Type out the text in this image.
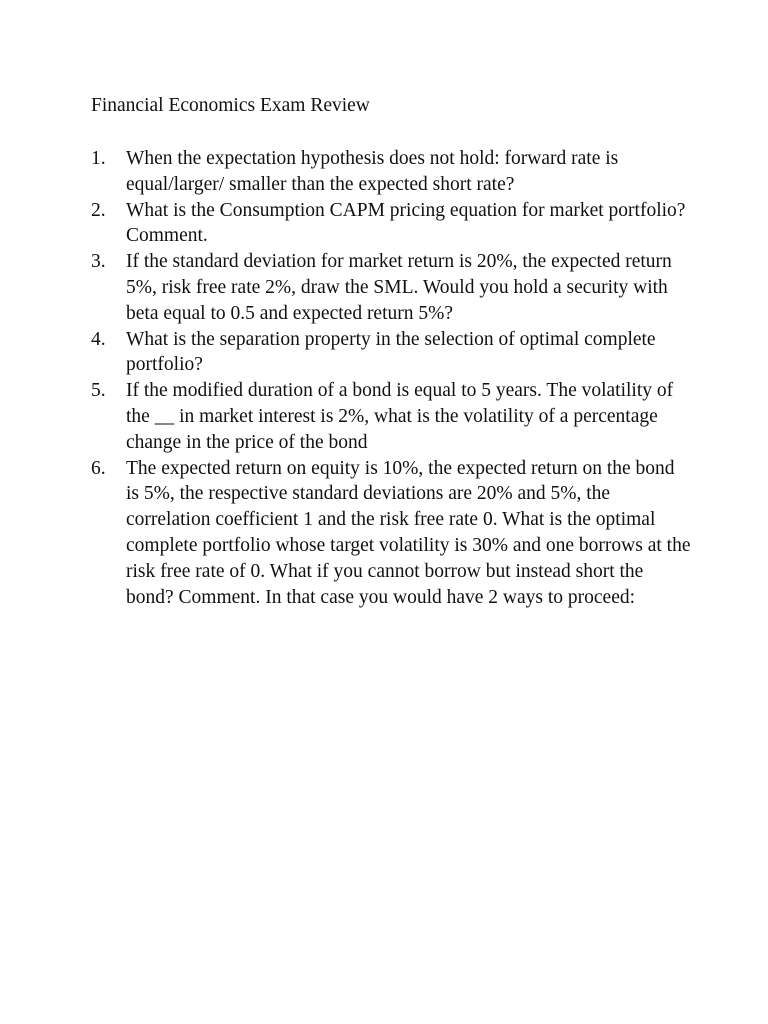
Financial Economics Exam Review
1.	When the expectation hypothesis does not hold: forward rate is equal/larger/ smaller than the expected short rate?
2.	What is the Consumption CAPM pricing equation for market portfolio? Comment.
3.	If the standard deviation for market return is 20%, the expected return 5%, risk free rate 2%, draw the SML. Would you hold a security with beta equal to 0.5 and expected return 5%?
4.	What is the separation property in the selection of optimal complete portfolio?
5.	If the modified duration of a bond is equal to 5 years. The volatility of the __ in market interest is 2%, what is the volatility of a percentage change in the price of the bond
6.	The expected return on equity is 10%, the expected return on the bond is 5%, the respective standard deviations are 20% and 5%, the correlation coefficient 1 and the risk free rate 0. What is the optimal complete portfolio whose target volatility is 30% and one borrows at the risk free rate of 0. What if you cannot borrow but instead short the bond? Comment. In that case you would have 2 ways to proceed:
